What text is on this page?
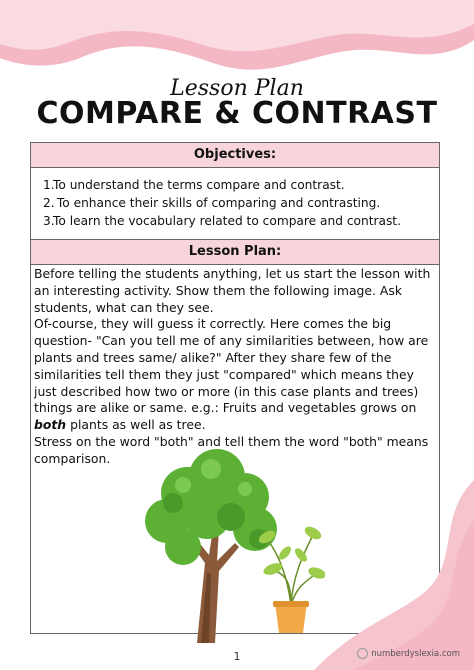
Lesson Plan
COMPARE & CONTRAST
Objectives:
1.To understand the terms compare and contrast.
2. To enhance their skills of comparing and contrasting.
3.To learn the vocabulary related to compare and contrast.
Lesson Plan:

Before telling the students anything, let us start the lesson with an interesting activity. Show them the following image. Ask students, what can they see.

Of-course, they will guess it correctly. Here comes the big question- "Can you tell me of any similarities between, how are plants and trees same/ alike?" After they share few of the similarities tell them they just "compared" which means they just described how two or more (in this case plants and trees) things are alike or same. e.g.: Fruits and vegetables grows on both plants as well as tree.

Stress on the word "both" and tell them the word "both" means comparison.

1	numberdyslexia.com
